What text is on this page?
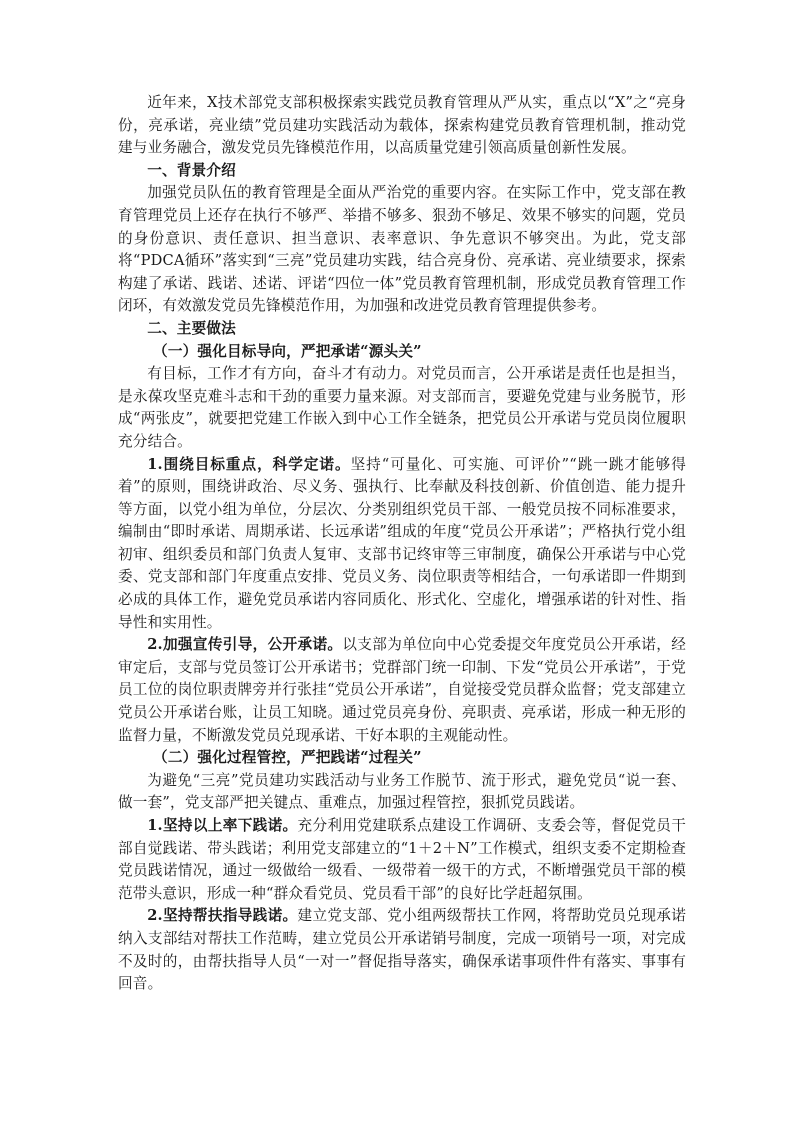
近年来，X技术部党支部积极探索实践党员教育管理从严从实，重点以“X”之“亮身份，亮承诺，亮业绩”党员建功实践活动为载体，探索构建党员教育管理机制，推动党建与业务融合，激发党员先锋模范作用，以高质量党建引领高质量创新性发展。

一、背景介绍

加强党员队伍的教育管理是全面从严治党的重要内容。在实际工作中，党支部在教育管理党员上还存在执行不够严、举措不够多、狠劲不够足、效果不够实的问题，党员的身份意识、责任意识、担当意识、表率意识、争先意识不够突出。为此，党支部将“PDCA循环”落实到“三亮”党员建功实践，结合亮身份、亮承诺、亮业绩要求，探索构建了承诺、践诺、述诺、评诺“四位一体”党员教育管理机制，形成党员教育管理工作闭环，有效激发党员先锋模范作用，为加强和改进党员教育管理提供参考。

二、主要做法

（一）强化目标导向，严把承诺“源头关”

有目标，工作才有方向，奋斗才有动力。对党员而言，公开承诺是责任也是担当，是永葆攻坚克难斗志和干劲的重要力量来源。对支部而言，要避免党建与业务脱节，形成“两张皮”，就要把党建工作嵌入到中心工作全链条，把党员公开承诺与党员岗位履职充分结合。

1.围绕目标重点，科学定诺。坚持“可量化、可实施、可评价”“跳一跳才能够得着”的原则，围绕讲政治、尽义务、强执行、比奉献及科技创新、价值创造、能力提升等方面，以党小组为单位，分层次、分类别组织党员干部、一般党员按不同标准要求，编制由“即时承诺、周期承诺、长远承诺”组成的年度“党员公开承诺”；严格执行党小组初审、组织委员和部门负责人复审、支部书记终审等三审制度，确保公开承诺与中心党委、党支部和部门年度重点安排、党员义务、岗位职责等相结合，一句承诺即一件期到必成的具体工作，避免党员承诺内容同质化、形式化、空虚化，增强承诺的针对性、指导性和实用性。

2.加强宣传引导，公开承诺。以支部为单位向中心党委提交年度党员公开承诺，经审定后，支部与党员签订公开承诺书；党群部门统一印制、下发“党员公开承诺”，于党员工位的岗位职责牌旁并行张挂“党员公开承诺”，自觉接受党员群众监督；党支部建立党员公开承诺台账，让员工知晓。通过党员亮身份、亮职责、亮承诺，形成一种无形的监督力量，不断激发党员兑现承诺、干好本职的主观能动性。

（二）强化过程管控，严把践诺“过程关”

为避免“三亮”党员建功实践活动与业务工作脱节、流于形式，避免党员“说一套、做一套”，党支部严把关键点、重难点，加强过程管控，狠抓党员践诺。

1.坚持以上率下践诺。充分利用党建联系点建设工作调研、支委会等，督促党员干部自觉践诺、带头践诺；利用党支部建立的“1＋2＋N”工作模式，组织支委不定期检查党员践诺情况，通过一级做给一级看、一级带着一级干的方式，不断增强党员干部的模范带头意识，形成一种“群众看党员、党员看干部”的良好比学赶超氛围。

2.坚持帮扶指导践诺。建立党支部、党小组两级帮扶工作网，将帮助党员兑现承诺纳入支部结对帮扶工作范畴，建立党员公开承诺销号制度，完成一项销号一项，对完成不及时的，由帮扶指导人员“一对一”督促指导落实，确保承诺事项件件有落实、事事有回音。
